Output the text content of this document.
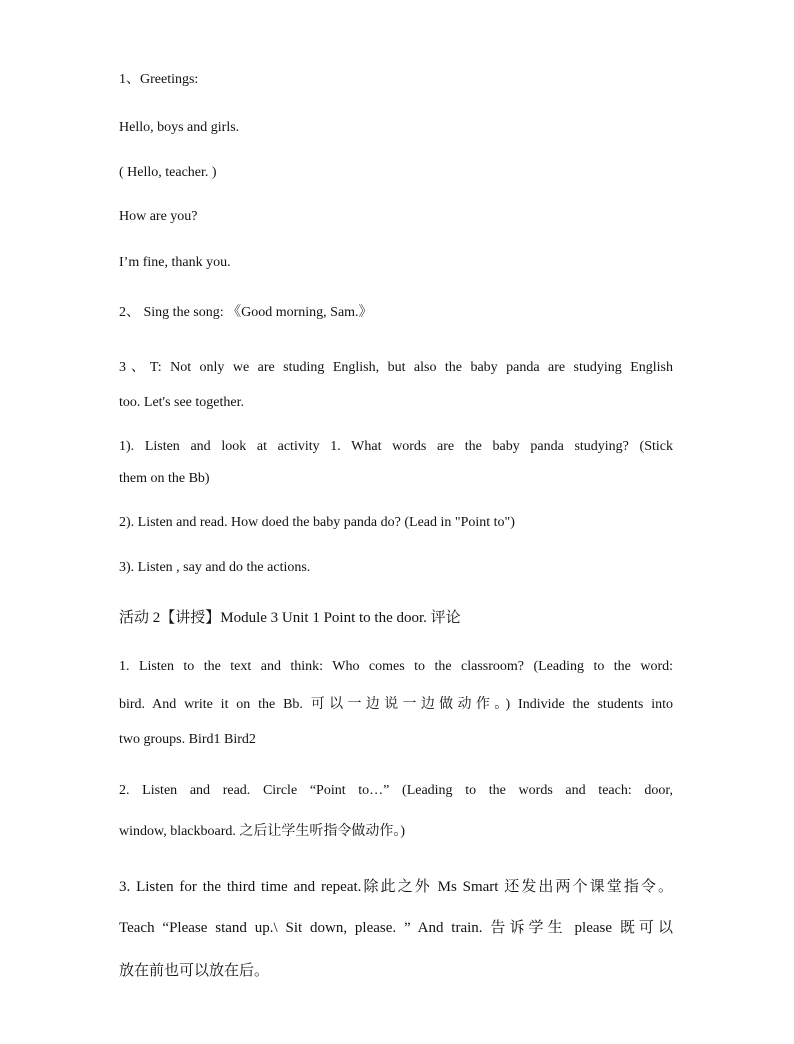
1、Greetings:
Hello, boys and girls.
( Hello, teacher. )
How are you?
I’m fine, thank you.
2、 Sing the song: 《Good morning, Sam.》
3、T: Not only we are studing English, but also the baby panda are studying English
too. Let's see together.
1). Listen and look at activity 1. What words are the baby panda studying? (Stick
them on the Bb)
2). Listen and read. How doed the baby panda do? (Lead in "Point to")
3). Listen , say and do the actions.
活动 2【讲授】Module 3 Unit 1 Point to the door. 评论
1. Listen to the text and think: Who comes to the classroom? (Leading to the word:
bird. And write it on the Bb. 可以一边说一边做动作。) Individe the students into
two groups. Bird1 Bird2
2. Listen and read. Circle “Point to…” (Leading to the words and teach: door,
window, blackboard. 之后让学生听指令做动作。)
3. Listen for the third time and repeat.除此之外 Ms Smart 还发出两个课堂指令。
Teach “Please stand up.\ Sit down, please. ” And train. 告诉学生 please 既可以
放在前也可以放在后。
